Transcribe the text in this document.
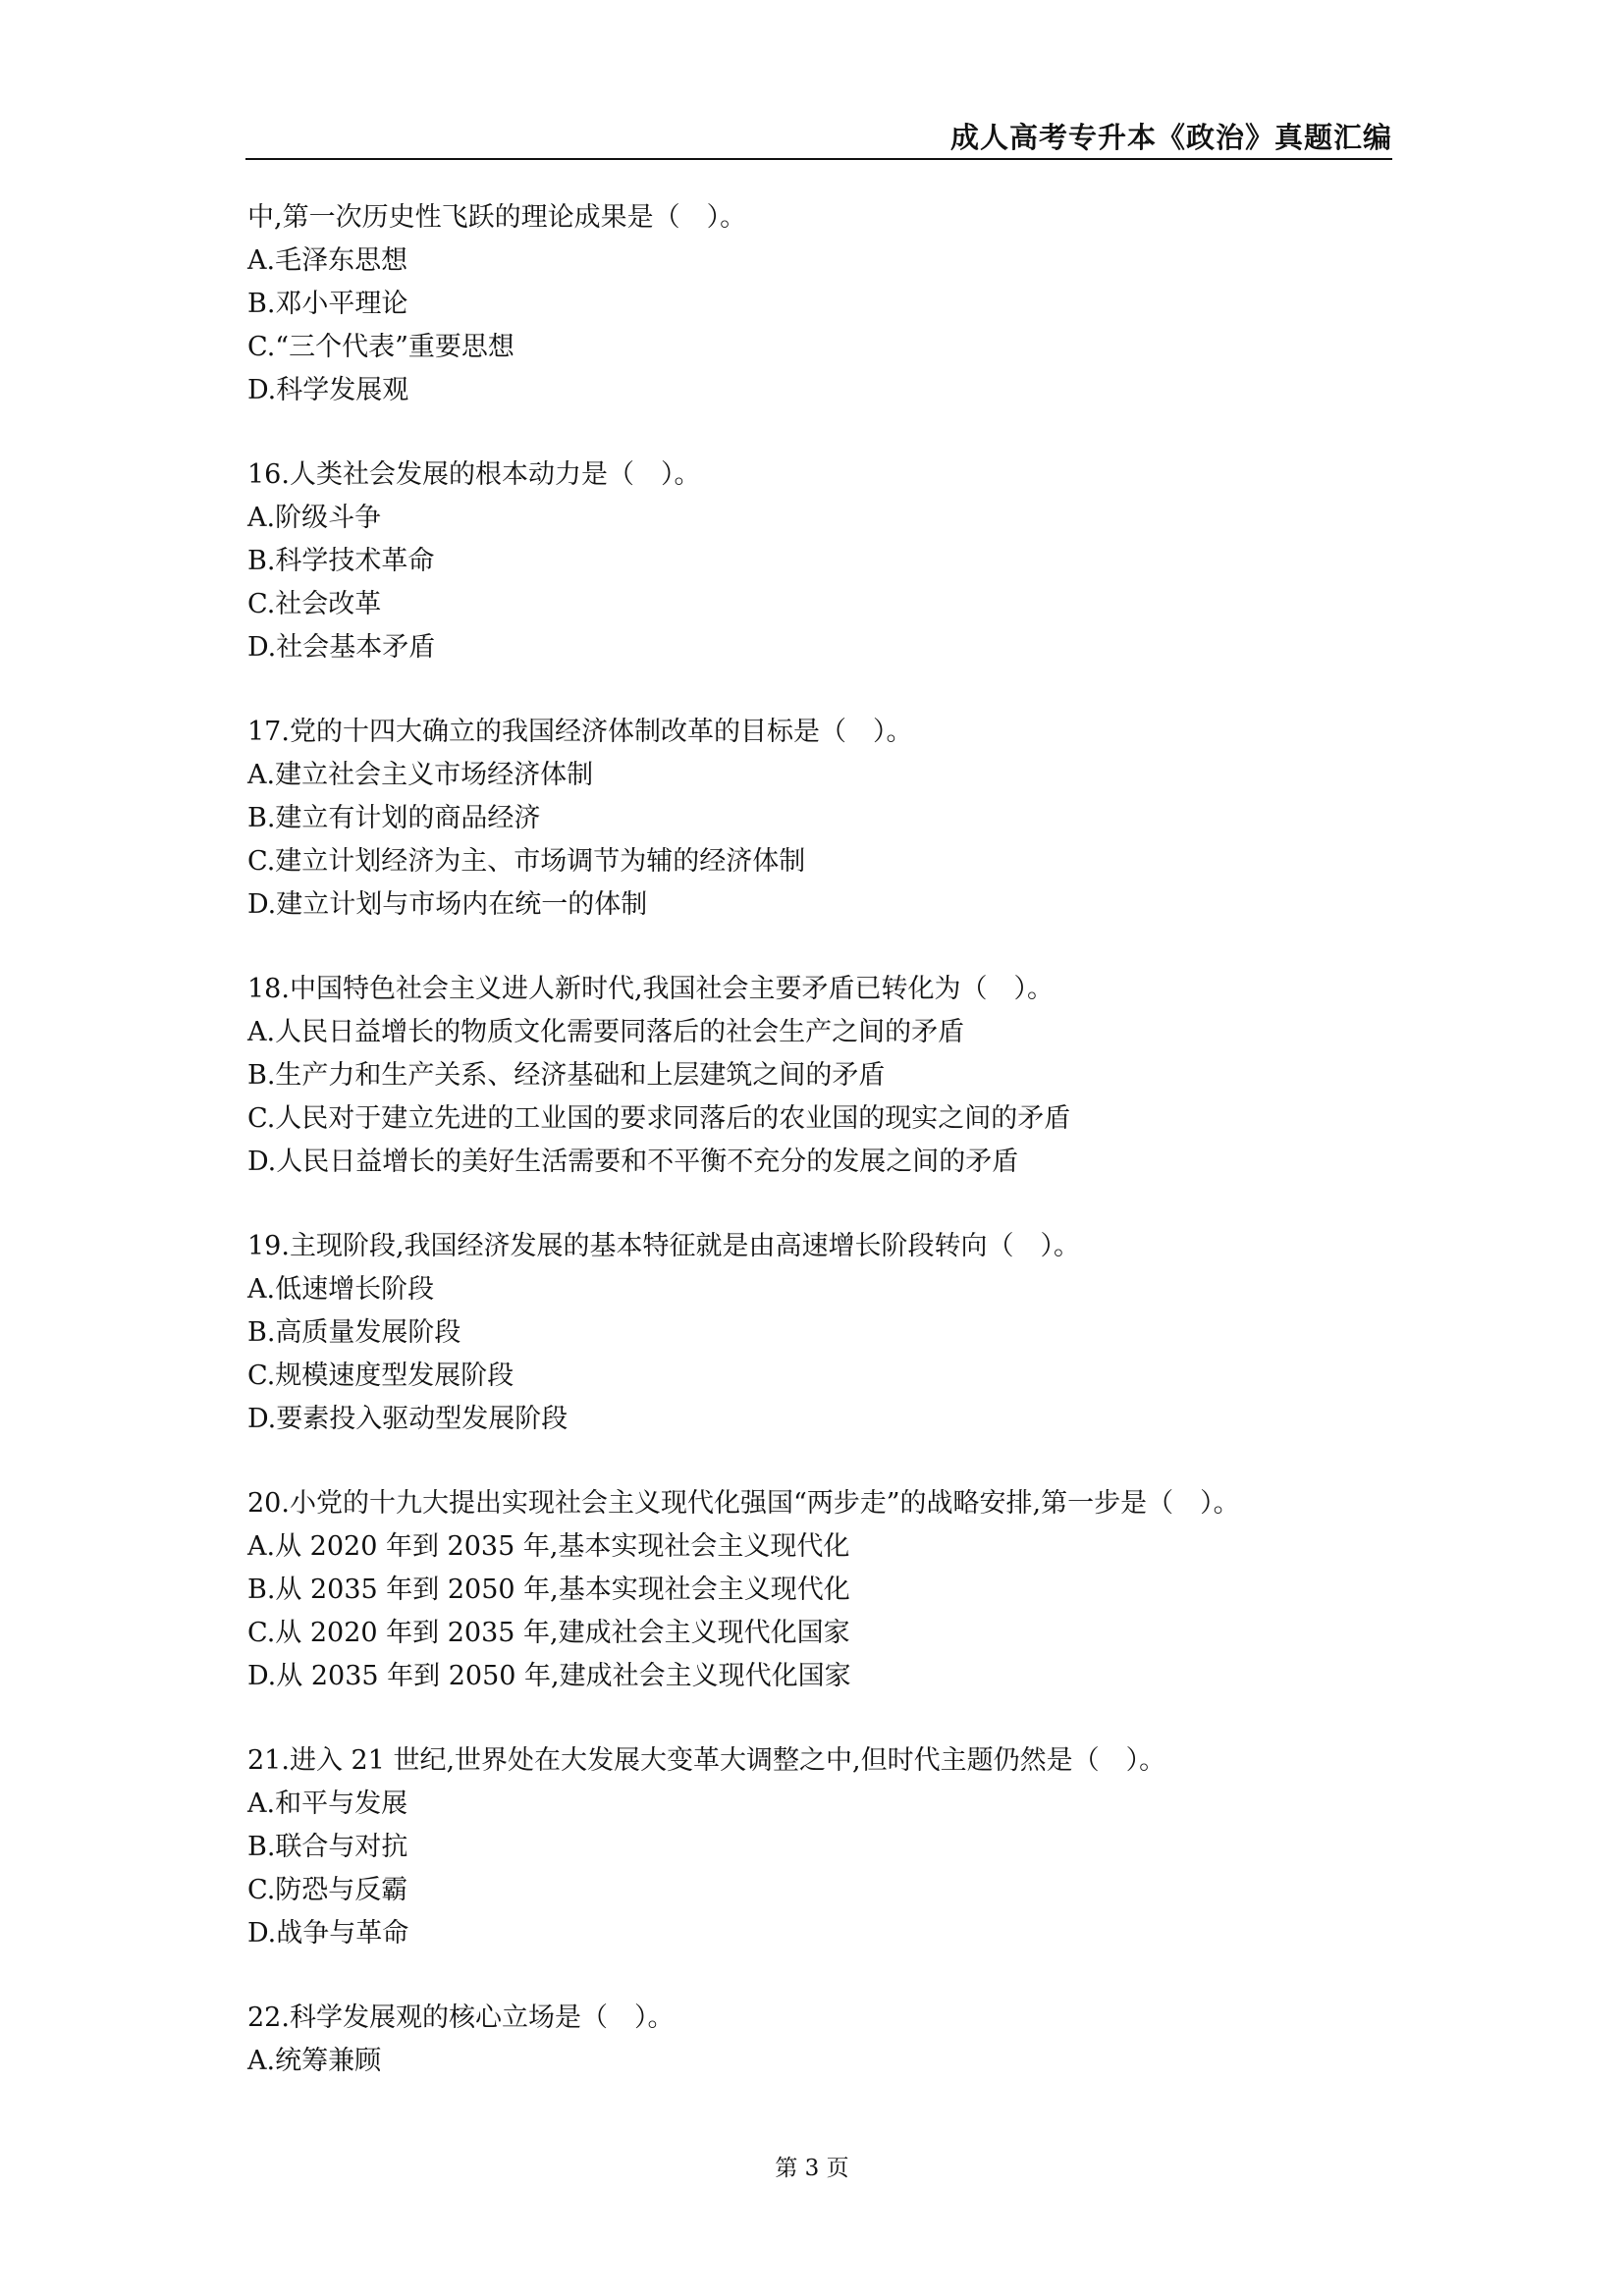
成人高考专升本《政治》真题汇编
中,第一次历史性飞跃的理论成果是（　）。
A.毛泽东思想
B.邓小平理论
C.“三个代表”重要思想
D.科学发展观
16.人类社会发展的根本动力是（　）。
A.阶级斗争
B.科学技术革命
C.社会改革
D.社会基本矛盾
17.党的十四大确立的我国经济体制改革的目标是（　）。
A.建立社会主义市场经济体制
B.建立有计划的商品经济
C.建立计划经济为主、市场调节为辅的经济体制
D.建立计划与市场内在统一的体制
18.中国特色社会主义进人新时代,我国社会主要矛盾已转化为（　）。
A.人民日益增长的物质文化需要同落后的社会生产之间的矛盾
B.生产力和生产关系、经济基础和上层建筑之间的矛盾
C.人民对于建立先进的工业国的要求同落后的农业国的现实之间的矛盾
D.人民日益增长的美好生活需要和不平衡不充分的发展之间的矛盾
19.主现阶段,我国经济发展的基本特征就是由高速增长阶段转向（　）。
A.低速增长阶段
B.高质量发展阶段
C.规模速度型发展阶段
D.要素投入驱动型发展阶段
20.小党的十九大提出实现社会主义现代化强国“两步走”的战略安排,第一步是（　）。
A.从 2020 年到 2035 年,基本实现社会主义现代化
B.从 2035 年到 2050 年,基本实现社会主义现代化
C.从 2020 年到 2035 年,建成社会主义现代化国家
D.从 2035 年到 2050 年,建成社会主义现代化国家
21.进入 21 世纪,世界处在大发展大变革大调整之中,但时代主题仍然是（　）。
A.和平与发展
B.联合与对抗
C.防恐与反霸
D.战争与革命
22.科学发展观的核心立场是（　）。
A.统筹兼顾
第 3 页
